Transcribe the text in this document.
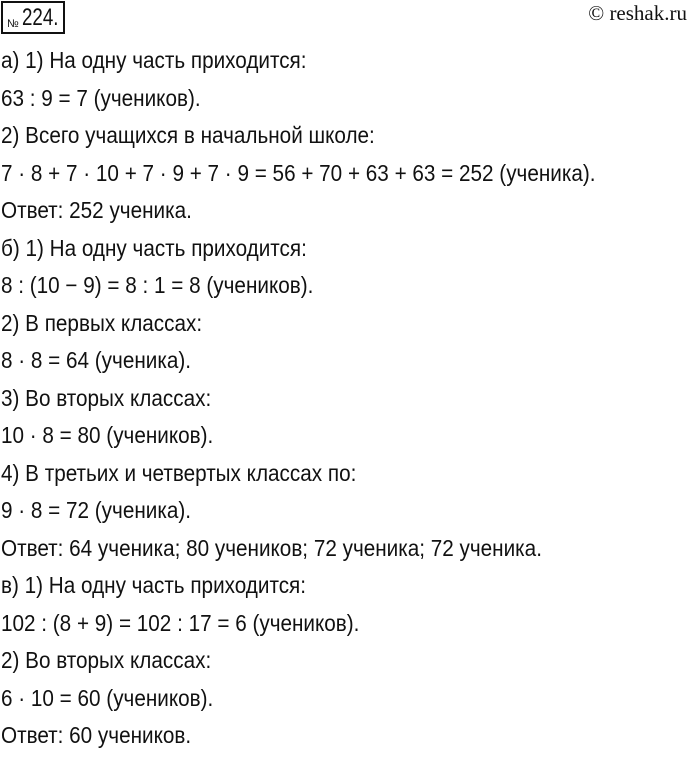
№ 224.	© reshak.ru
а) 1) На одну часть приходится:
63 : 9 = 7 (учеников).
2) Всего учащихся в начальной школе:
7 · 8 + 7 · 10 + 7 · 9 + 7 · 9 = 56 + 70 + 63 + 63 = 252 (ученика).
Ответ: 252 ученика.
б) 1) На одну часть приходится:
8 : (10 − 9) = 8 : 1 = 8 (учеников).
2) В первых классах:
8 · 8 = 64 (ученика).
3) Во вторых классах:
10 · 8 = 80 (учеников).
4) В третьих и четвертых классах по:
9 · 8 = 72 (ученика).
Ответ: 64 ученика; 80 учеников; 72 ученика; 72 ученика.
в) 1) На одну часть приходится:
102 : (8 + 9) = 102 : 17 = 6 (учеников).
2) Во вторых классах:
6 · 10 = 60 (учеников).
Ответ: 60 учеников.
